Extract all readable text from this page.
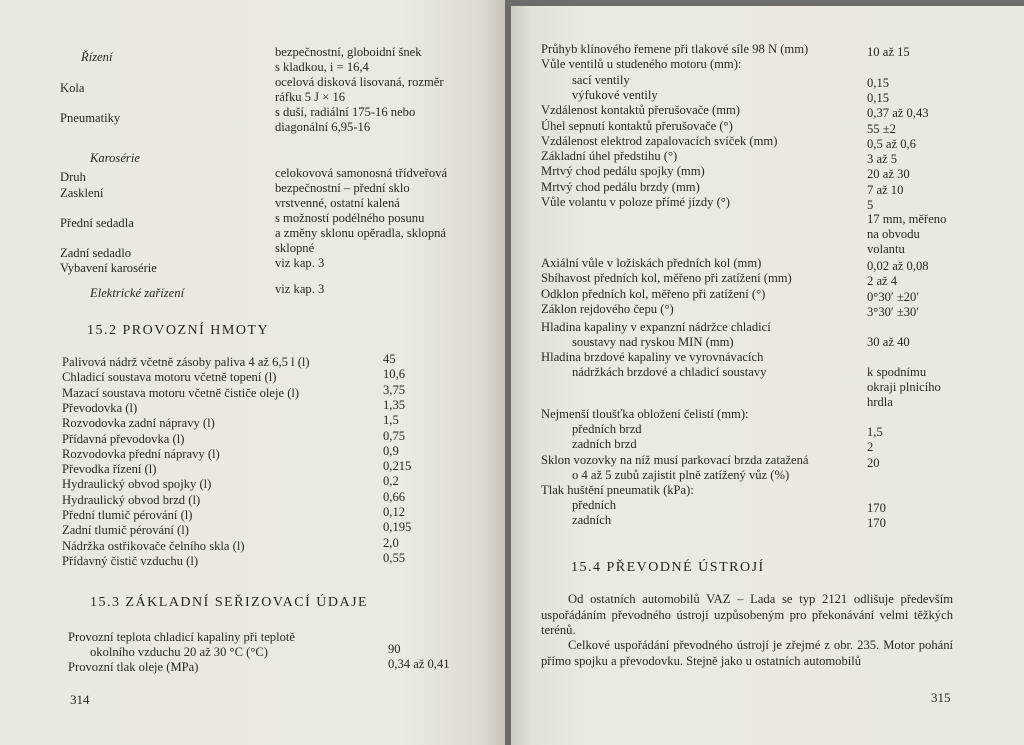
Řízení	bezpečnostní, globoidní šnek
s kladkou, i = 16,4
Kola	ocelová disková lisovaná, rozměr
ráfku 5 J × 16
Pneumatiky	s duší, radiální 175-16 nebo
diagonální 6,95-16
Karosérie
Druh	celokovová samonosná třídveřová
Zasklení	bezpečnostní – přední sklo
vrstvenné, ostatní kalená
Přední sedadla	s možností podélného posunu
a změny sklonu opěradla, sklopná
Zadní sedadlo	sklopné
Vybavení karosérie	viz kap. 3
Elektrické zařízení	viz kap. 3
15.2 PROVOZNÍ HMOTY
Palivová nádrž včetně zásoby paliva 4 až 6,5 l (l)	45
Chladicí soustava motoru včetně topení (l)	10,6
Mazací soustava motoru včetně čističe oleje (l)	3,75
Převodovka (l)	1,35
Rozvodovka zadní nápravy (l)	1,5
Přídavná převodovka (l)	0,75
Rozvodovka přední nápravy (l)	0,9
Převodka řízení (l)	0,215
Hydraulický obvod spojky (l)	0,2
Hydraulický obvod brzd (l)	0,66
Přední tlumič pérování (l)	0,12
Zadní tlumič pérování (l)	0,195
Nádržka ostřikovače čelního skla (l)	2,0
Přídavný čistič vzduchu (l)	0,55
15.3 ZÁKLADNÍ SEŘIZOVACÍ ÚDAJE
Provozní teplota chladicí kapaliny při teplotě
okolního vzduchu 20 až 30 °C (°C)	90
Provozní tlak oleje (MPa)	0,34 až 0,41
314
Průhyb klínového řemene při tlakové síle 98 N (mm)	10 až 15
Vůle ventilů u studeného motoru (mm):
sací ventily	0,15
výfukové ventily	0,15
Vzdálenost kontaktů přerušovače (mm)	0,37 až 0,43
Úhel sepnutí kontaktů přerušovače (°)	55 ±2
Vzdálenost elektrod zapalovacích svíček (mm)	0,5 až 0,6
Základní úhel předstihu (°)	3 až 5
Mrtvý chod pedálu spojky (mm)	20 až 30
Mrtvý chod pedálu brzdy (mm)	7 až 10
Vůle volantu v poloze přímé jízdy (°)	5
17 mm, měřeno
na obvodu
volantu
Axiální vůle v ložiskách předních kol (mm)	0,02 až 0,08
Sbíhavost předních kol, měřeno při zatížení (mm)	2 až 4
Odklon předních kol, měřeno při zatížení (°)	0°30′ ±20′
Záklon rejdového čepu (°)	3°30′ ±30′
Hladina kapaliny v expanzní nádržce chladicí
soustavy nad ryskou MIN (mm)	30 až 40
Hladina brzdové kapaliny ve vyrovnávacích
nádržkách brzdové a chladicí soustavy	k spodnímu
okraji plnicího
hrdla
Nejmenší tloušťka obložení čelistí (mm):
předních brzd	1,5
zadních brzd	2
Sklon vozovky na níž musí parkovací brzda zatažená
o 4 až 5 zubů zajistit plně zatížený vůz (%)
20
Tlak huštění pneumatik (kPa):
předních	170
zadních	170
15.4 PŘEVODNÉ ÚSTROJÍ
Od ostatních automobilů VAZ – Lada se typ 2121 odlišuje především uspořádáním převodného ústrojí uzpůsobeným pro překonávání velmi těžkých terénů.
Celkové uspořádání převodného ústrojí je zřejmé z obr. 235. Motor pohání přímo spojku a převodovku. Stejně jako u ostatních automobilů
315
